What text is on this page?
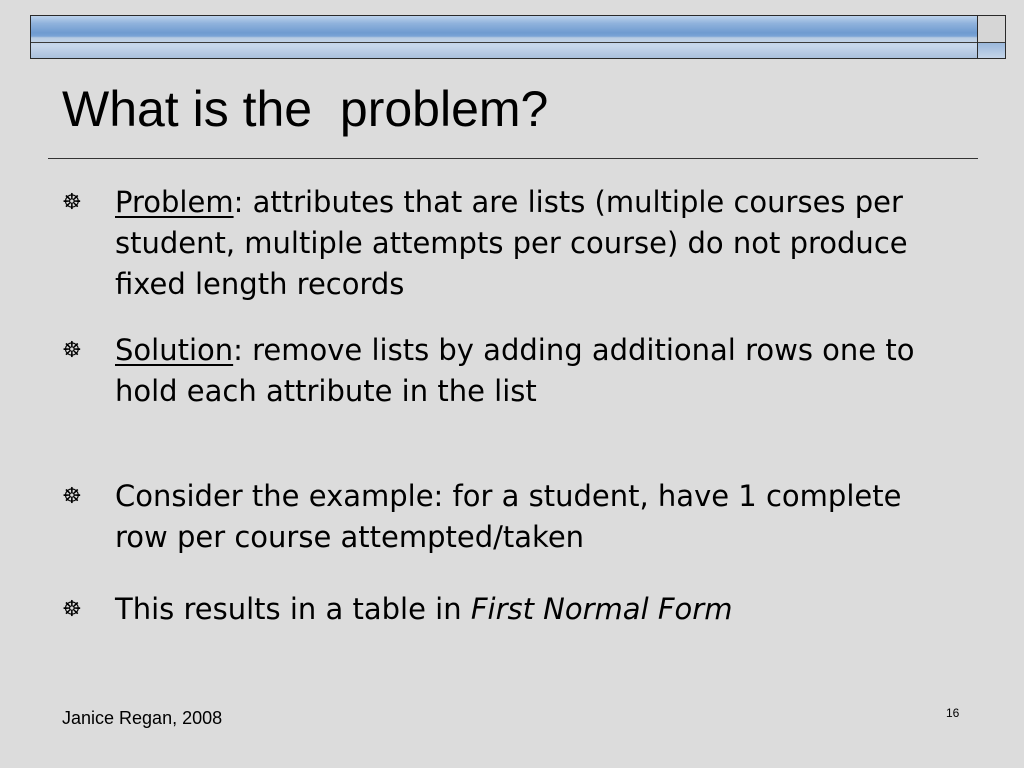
What is the  problem?
☸	Problem: attributes that are lists (multiple courses per student, multiple attempts per course) do not produce fixed length records
☸	Solution: remove lists by adding additional rows one to hold each attribute in the list
☸	Consider the example: for a student, have 1 complete row per course attempted/taken
☸	This results in a table in First Normal Form
Janice Regan, 2008	16
